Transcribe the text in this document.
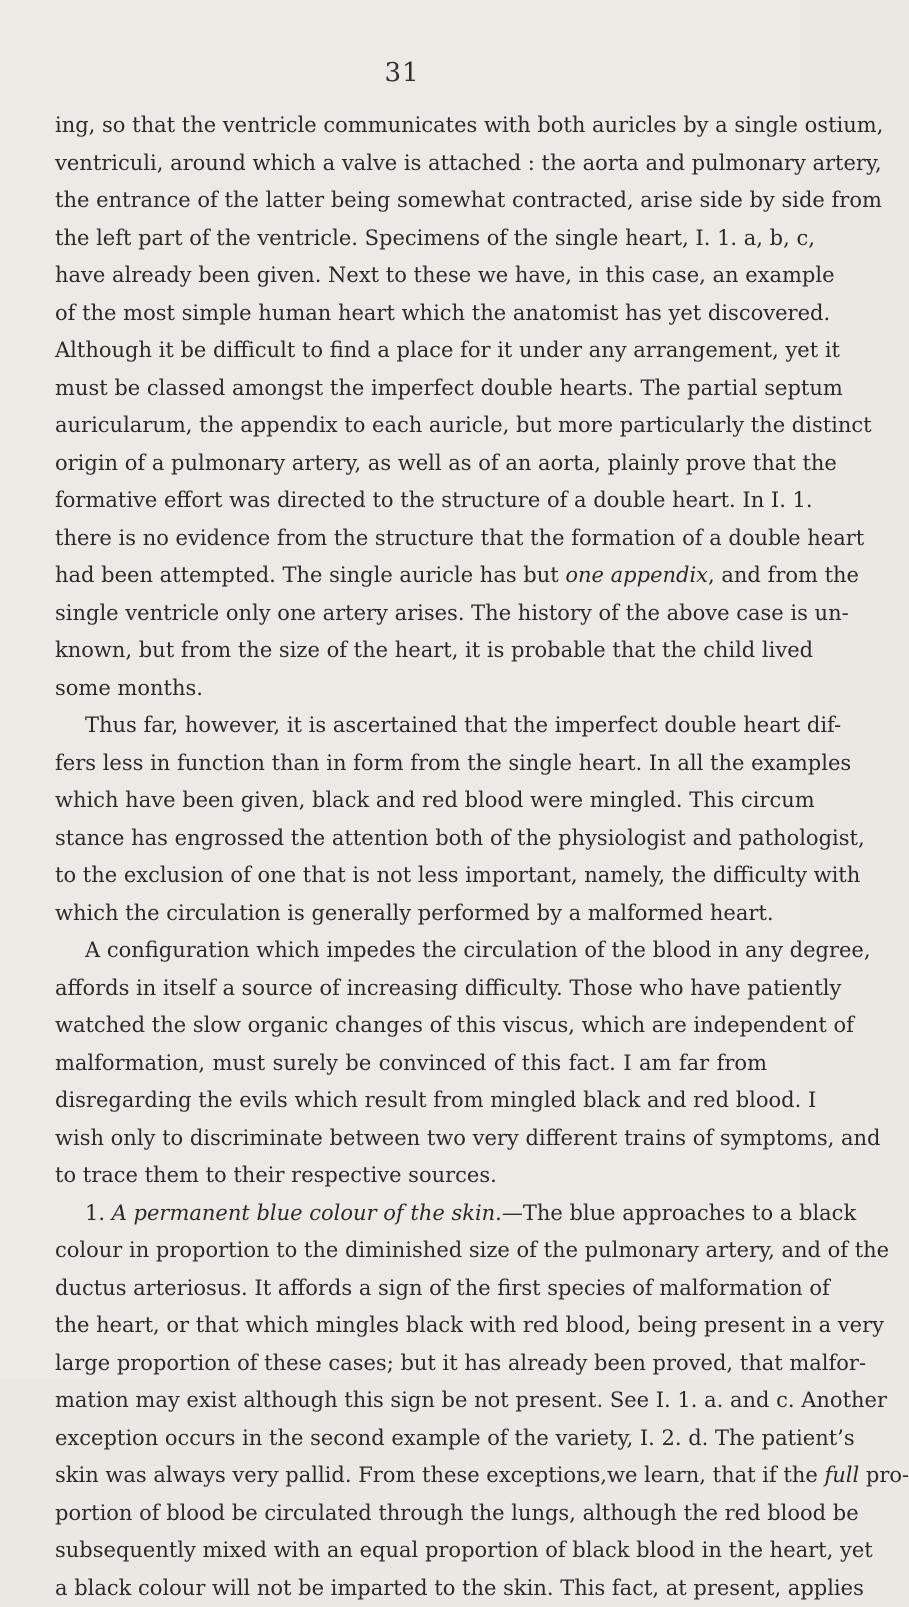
31
ing, so that the ventricle communicates with both auricles by a single ostium,
ventriculi, around which a valve is attached : the aorta and pulmonary artery,
the entrance of the latter being somewhat contracted, arise side by side from
the left part of the ventricle. Specimens of the single heart, I. 1. a, b, c,
have already been given. Next to these we have, in this case, an example
of the most simple human heart which the anatomist has yet discovered.
Although it be difficult to find a place for it under any arrangement, yet it
must be classed amongst the imperfect double hearts. The partial septum
auricularum, the appendix to each auricle, but more particularly the distinct
origin of a pulmonary artery, as well as of an aorta, plainly prove that the
formative effort was directed to the structure of a double heart. In I. 1.
there is no evidence from the structure that the formation of a double heart
had been attempted. The single auricle has but one appendix, and from the
single ventricle only one artery arises. The history of the above case is un-
known, but from the size of the heart, it is probable that the child lived
some months.
Thus far, however, it is ascertained that the imperfect double heart dif-
fers less in function than in form from the single heart. In all the examples
which have been given, black and red blood were mingled. This circum
stance has engrossed the attention both of the physiologist and pathologist,
to the exclusion of one that is not less important, namely, the difficulty with
which the circulation is generally performed by a malformed heart.
A configuration which impedes the circulation of the blood in any degree,
affords in itself a source of increasing difficulty. Those who have patiently
watched the slow organic changes of this viscus, which are independent of
malformation, must surely be convinced of this fact. I am far from
disregarding the evils which result from mingled black and red blood. I
wish only to discriminate between two very different trains of symptoms, and
to trace them to their respective sources.
1. A permanent blue colour of the skin.—The blue approaches to a black
colour in proportion to the diminished size of the pulmonary artery, and of the
ductus arteriosus. It affords a sign of the first species of malformation of
the heart, or that which mingles black with red blood, being present in a very
large proportion of these cases; but it has already been proved, that malfor-
mation may exist although this sign be not present. See I. 1. a. and c. Another
exception occurs in the second example of the variety, I. 2. d. The patient’s
skin was always very pallid. From these exceptions,we learn, that if the full pro-
portion of blood be circulated through the lungs, although the red blood be
subsequently mixed with an equal proportion of black blood in the heart, yet
a black colour will not be imparted to the skin. This fact, at present, applies
